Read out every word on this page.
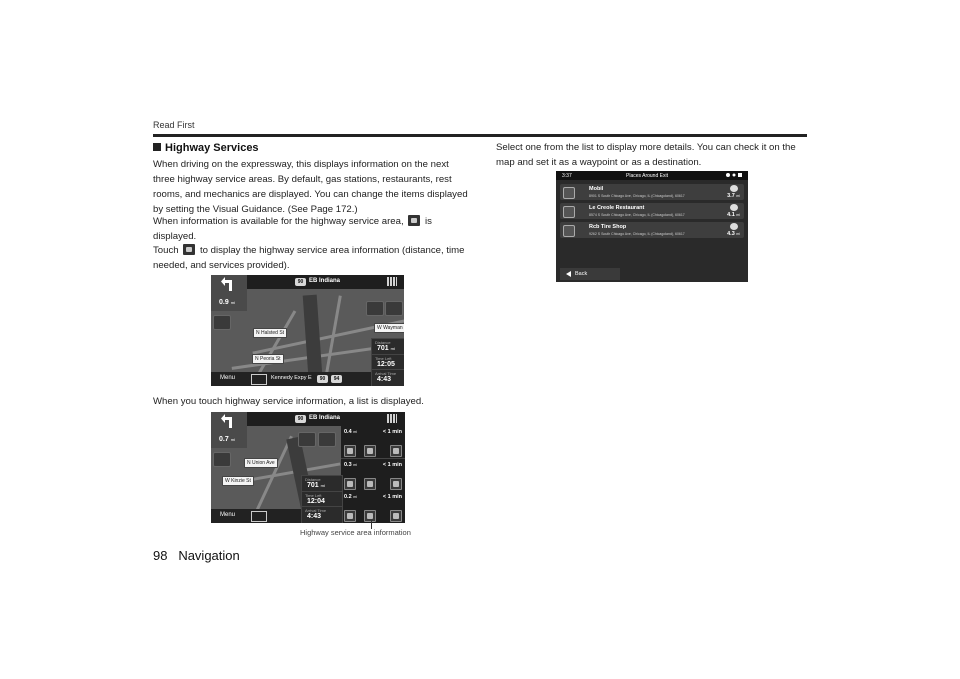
Read First
Highway Services
When driving on the expressway, this displays information on the next three highway service areas. By default, gas stations, restaurants, rest rooms, and mechanics are displayed. You can change the items displayed by setting the Visual Guidance. (See Page 172.)
When information is available for the highway service area, is displayed.
Touch to display the highway service area information (distance, time needed, and services provided).
Select one from the list to display more details. You can check it on the map and set it as a waypoint or as a destination.
90 EB Indiana
0.9 mi
N Halsted St
N Peoria St
W Wayman
Distance
701 mi
Time Left
12:05
Menu	Kennedy Expy E	90	94
Arrival Time
4:43
When you touch highway service information, a list is displayed.
90 EB Indiana
0.7 mi
N Union Ave
W Kinzie St
0.4 mi	< 1 min
0.3 mi	< 1 min
0.2 mi	< 1 min
Distance
701 mi
Time Left
12:04
Menu
Arrival Time
4:43
Highway service area information
3:37	Places Around Exit
Mobil
8901 S South Chicago Ave, Chicago, IL (Chicagoland), 60617	3.7 mi
Le Creole Restaurant
8574 S South Chicago Ave, Chicago, IL (Chicagoland), 60617	4.1 mi
Rcb Tire Shop
9262 S South Chicago Ave, Chicago, IL (Chicagoland), 60617	4.3 mi
Back
98 Navigation
